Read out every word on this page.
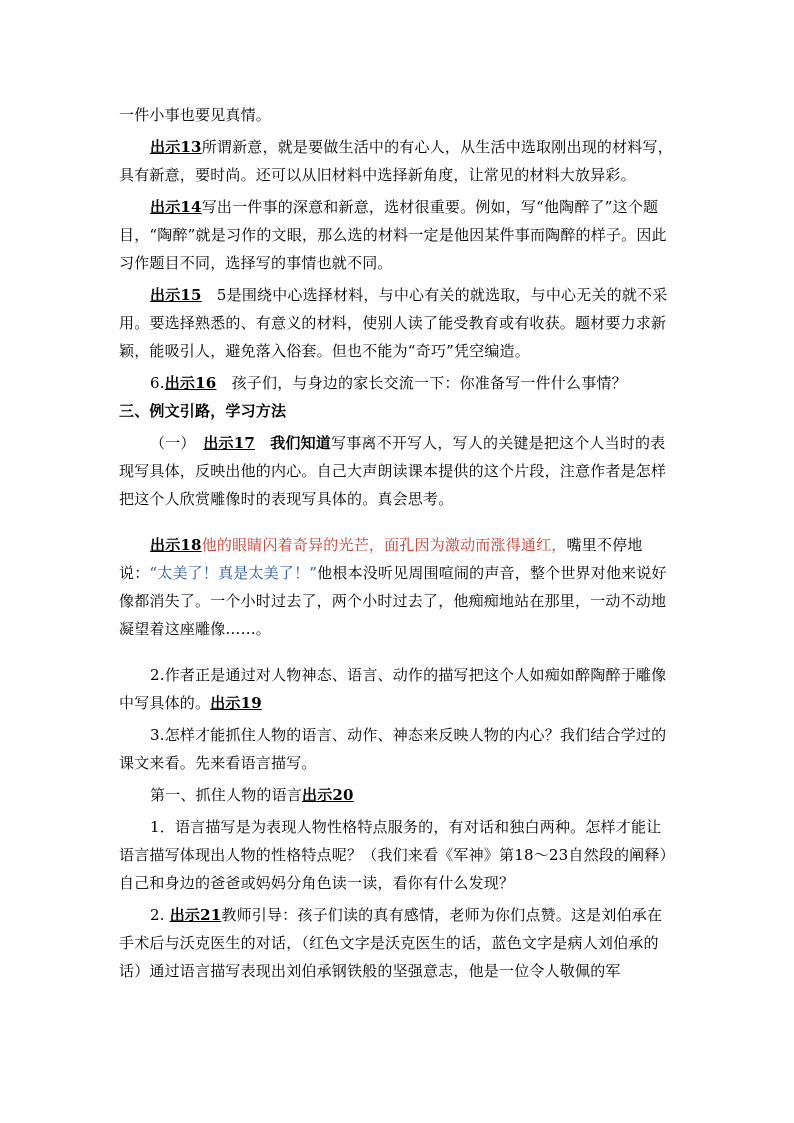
一件小事也要见真情。

出示13所谓新意，就是要做生活中的有心人，从生活中选取刚出现的材料写，具有新意，要时尚。还可以从旧材料中选择新角度，让常见的材料大放异彩。

出示14写出一件事的深意和新意，选材很重要。例如，写“他陶醉了”这个题目，“陶醉”就是习作的文眼，那么选的材料一定是他因某件事而陶醉的样子。因此习作题目不同，选择写的事情也就不同。

出示15　5是围绕中心选择材料，与中心有关的就选取，与中心无关的就不采用。要选择熟悉的、有意义的材料，使别人读了能受教育或有收获。题材要力求新颖，能吸引人，避免落入俗套。但也不能为“奇巧”凭空编造。

6.出示16　孩子们，与身边的家长交流一下：你准备写一件什么事情？

三、例文引路，学习方法

（一）　出示17　我们知道写事离不开写人，写人的关键是把这个人当时的表现写具体，反映出他的内心。自己大声朗读课本提供的这个片段，注意作者是怎样把这个人欣赏雕像时的表现写具体的。真会思考。

出示18他的眼睛闪着奇异的光芒，面孔因为激动而涨得通红，嘴里不停地说：“太美了！真是太美了！”他根本没听见周围喧闹的声音，整个世界对他来说好像都消失了。一个小时过去了，两个小时过去了，他痴痴地站在那里，一动不动地凝望着这座雕像……。

2.作者正是通过对人物神态、语言、动作的描写把这个人如痴如醉陶醉于雕像中写具体的。出示19

3.怎样才能抓住人物的语言、动作、神态来反映人物的内心？我们结合学过的课文来看。先来看语言描写。

第一、抓住人物的语言出示20

1．语言描写是为表现人物性格特点服务的，有对话和独白两种。怎样才能让语言描写体现出人物的性格特点呢？（我们来看《军神》第18～23自然段的阐释）自己和身边的爸爸或妈妈分角色读一读，看你有什么发现？

2. 出示21教师引导：孩子们读的真有感情，老师为你们点赞。这是刘伯承在手术后与沃克医生的对话，（红色文字是沃克医生的话，蓝色文字是病人刘伯承的话）通过语言描写表现出刘伯承钢铁般的坚强意志，他是一位令人敬佩的军
